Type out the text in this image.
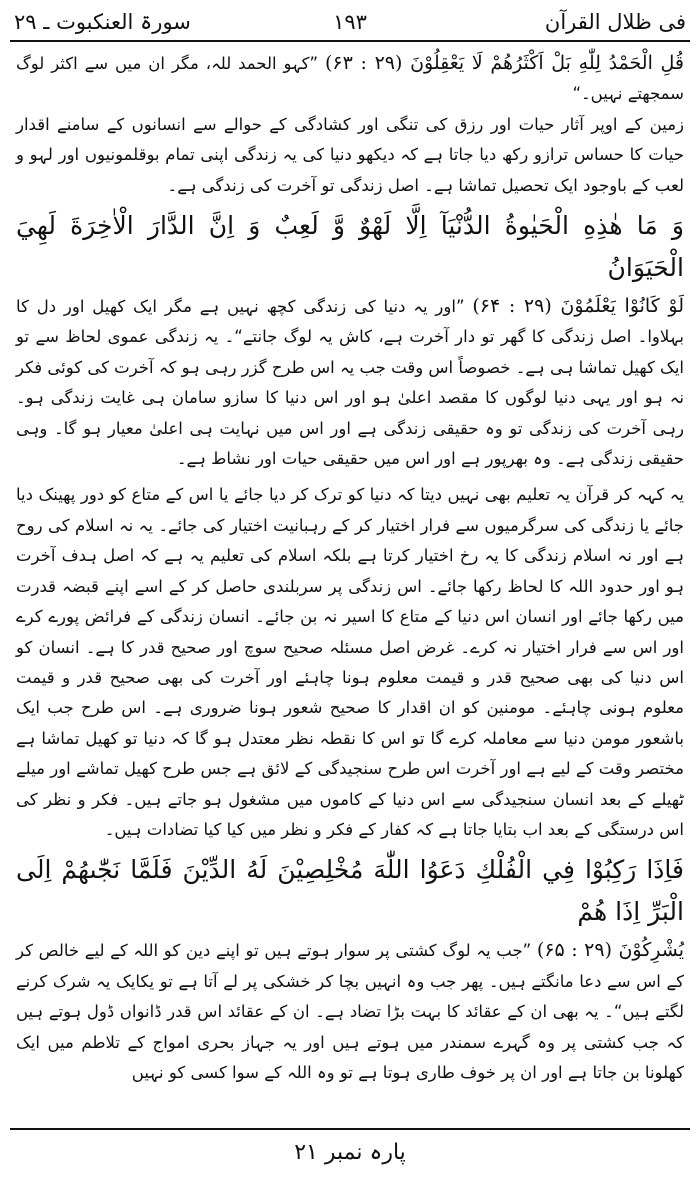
فی ظلال القرآن
۱۹۳
سورۃ العنکبوت ـ ۲۹

قُلِ الْحَمْدُ لِلّٰهِ بَلْ اَكْثَرُهُمْ لَا يَعْقِلُوْنَ (۲۹ : ۶۳) ”کہو الحمد للہ، مگر ان میں سے اکثر لوگ سمجھتے نہیں۔“

زمین کے اوپر آثار حیات اور رزق کی تنگی اور کشادگی کے حوالے سے انسانوں کے سامنے اقدار حیات کا حساس ترازو رکھ دیا جاتا ہے کہ دیکھو دنیا کی یہ زندگی اپنی تمام بوقلمونیوں اور لہو و لعب کے باوجود ایک تحصیل تماشا ہے۔ اصل زندگی تو آخرت کی زندگی ہے۔

وَ مَا هٰذِهِ الْحَيٰوةُ الدُّنْيَآ اِلَّا لَهْوٌ وَّ لَعِبٌ وَ اِنَّ الدَّارَ الْاٰخِرَةَ لَهِيَ الْحَيَوَانُ

لَوْ كَانُوْا يَعْلَمُوْنَ (۲۹ : ۶۴) ”اور یہ دنیا کی زندگی کچھ نہیں ہے مگر ایک کھیل اور دل کا بہلاوا۔ اصل زندگی کا گھر تو دار آخرت ہے، کاش یہ لوگ جانتے“۔ یہ زندگی عموی لحاظ سے تو ایک کھیل تماشا ہی ہے۔ خصوصاً اس وقت جب یہ اس طرح گزر رہی ہو کہ آخرت کی کوئی فکر نہ ہو اور یہی دنیا لوگوں کا مقصد اعلیٰ ہو اور اس دنیا کا سازو سامان ہی غایت زندگی ہو۔ رہی آخرت کی زندگی تو وہ حقیقی زندگی ہے اور اس میں نہایت ہی اعلیٰ معیار ہو گا۔ وہی حقیقی زندگی ہے۔ وہ بھرپور ہے اور اس میں حقیقی حیات اور نشاط ہے۔

یہ کہہ کر قرآن یہ تعلیم بھی نہیں دیتا کہ دنیا کو ترک کر دیا جائے یا اس کے متاع کو دور پھینک دیا جائے یا زندگی کی سرگرمیوں سے فرار اختیار کر کے رہبانیت اختیار کی جائے۔ یہ نہ اسلام کی روح ہے اور نہ اسلام زندگی کا یہ رخ اختیار کرتا ہے بلکہ اسلام کی تعلیم یہ ہے کہ اصل ہدف آخرت ہو اور حدود اللہ کا لحاظ رکھا جائے۔ اس زندگی پر سربلندی حاصل کر کے اسے اپنے قبضہ قدرت میں رکھا جائے اور انسان اس دنیا کے متاع کا اسیر نہ بن جائے۔ انسان زندگی کے فرائض پورے کرے اور اس سے فرار اختیار نہ کرے۔ غرض اصل مسئلہ صحیح سوچ اور صحیح قدر کا ہے۔ انسان کو اس دنیا کی بھی صحیح قدر و قیمت معلوم ہونا چاہئے اور آخرت کی بھی صحیح قدر و قیمت معلوم ہونی چاہئے۔ مومنین کو ان اقدار کا صحیح شعور ہونا ضروری ہے۔ اس طرح جب ایک باشعور مومن دنیا سے معاملہ کرے گا تو اس کا نقطہ نظر معتدل ہو گا کہ دنیا تو کھیل تماشا ہے مختصر وقت کے لیے ہے اور آخرت اس طرح سنجیدگی کے لائق ہے جس طرح کھیل تماشے اور میلے ٹھیلے کے بعد انسان سنجیدگی سے اس دنیا کے کاموں میں مشغول ہو جاتے ہیں۔ فکر و نظر کی اس درستگی کے بعد اب بتایا جاتا ہے کہ کفار کے فکر و نظر میں کیا کیا تضادات ہیں۔

فَاِذَا رَكِبُوْا فِي الْفُلْكِ دَعَوُا اللّٰهَ مُخْلِصِيْنَ لَهُ الدِّيْنَ فَلَمَّا نَجّٰىهُمْ اِلَى الْبَرِّ اِذَا هُمْ

يُشْرِكُوْنَ (۲۹ : ۶۵) ”جب یہ لوگ کشتی پر سوار ہوتے ہیں تو اپنے دین کو اللہ کے لیے خالص کر کے اس سے دعا مانگتے ہیں۔ پھر جب وہ انہیں بچا کر خشکی پر لے آتا ہے تو یکایک یہ شرک کرنے لگتے ہیں“۔ یہ بھی ان کے عقائد کا بہت بڑا تضاد ہے۔ ان کے عقائد اس قدر ڈانواں ڈول ہوتے ہیں کہ جب کشتی پر وہ گہرے سمندر میں ہوتے ہیں اور یہ جہاز بحری امواج کے تلاطم میں ایک کھلونا بن جاتا ہے اور ان پر خوف طاری ہوتا ہے تو وہ اللہ کے سوا کسی کو نہیں

پارہ نمبر ۲۱
